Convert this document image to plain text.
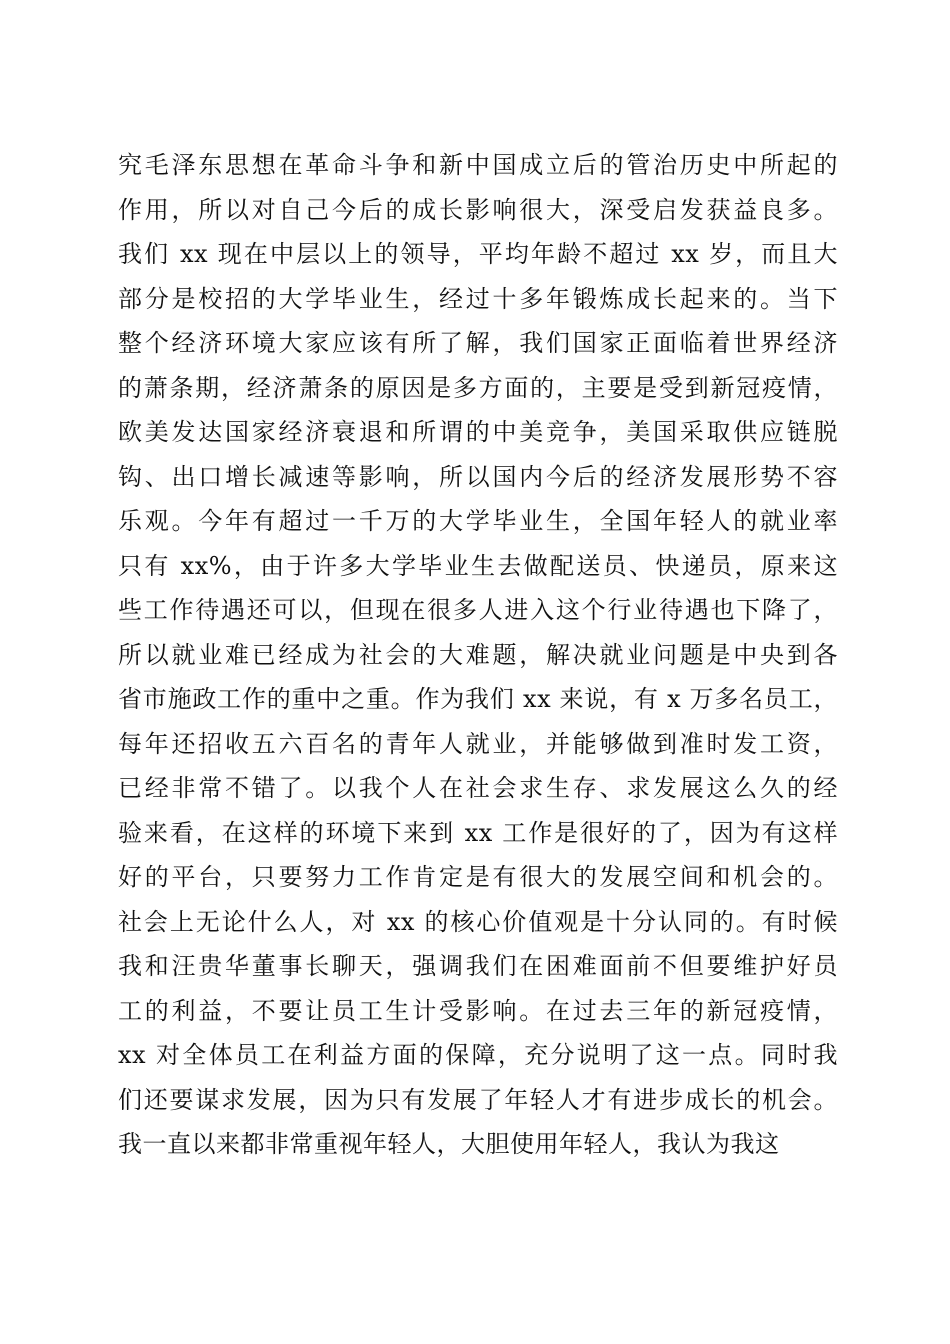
究毛泽东思想在革命斗争和新中国成立后的管治历史中所起的
作用，所以对自己今后的成长影响很大，深受启发获益良多。
我们 xx 现在中层以上的领导，平均年龄不超过 xx 岁，而且大
部分是校招的大学毕业生，经过十多年锻炼成长起来的。当下
整个经济环境大家应该有所了解，我们国家正面临着世界经济
的萧条期，经济萧条的原因是多方面的，主要是受到新冠疫情，
欧美发达国家经济衰退和所谓的中美竞争，美国采取供应链脱
钩、出口增长减速等影响，所以国内今后的经济发展形势不容
乐观。今年有超过一千万的大学毕业生，全国年轻人的就业率
只有 xx%，由于许多大学毕业生去做配送员、快递员，原来这
些工作待遇还可以，但现在很多人进入这个行业待遇也下降了，
所以就业难已经成为社会的大难题，解决就业问题是中央到各
省市施政工作的重中之重。作为我们 xx 来说，有 x 万多名员工，
每年还招收五六百名的青年人就业，并能够做到准时发工资，
已经非常不错了。以我个人在社会求生存、求发展这么久的经
验来看，在这样的环境下来到 xx 工作是很好的了，因为有这样
好的平台，只要努力工作肯定是有很大的发展空间和机会的。
社会上无论什么人，对 xx 的核心价值观是十分认同的。有时候
我和汪贵华董事长聊天，强调我们在困难面前不但要维护好员
工的利益，不要让员工生计受影响。在过去三年的新冠疫情，
xx 对全体员工在利益方面的保障，充分说明了这一点。同时我
们还要谋求发展，因为只有发展了年轻人才有进步成长的机会。
我一直以来都非常重视年轻人，大胆使用年轻人，我认为我这
